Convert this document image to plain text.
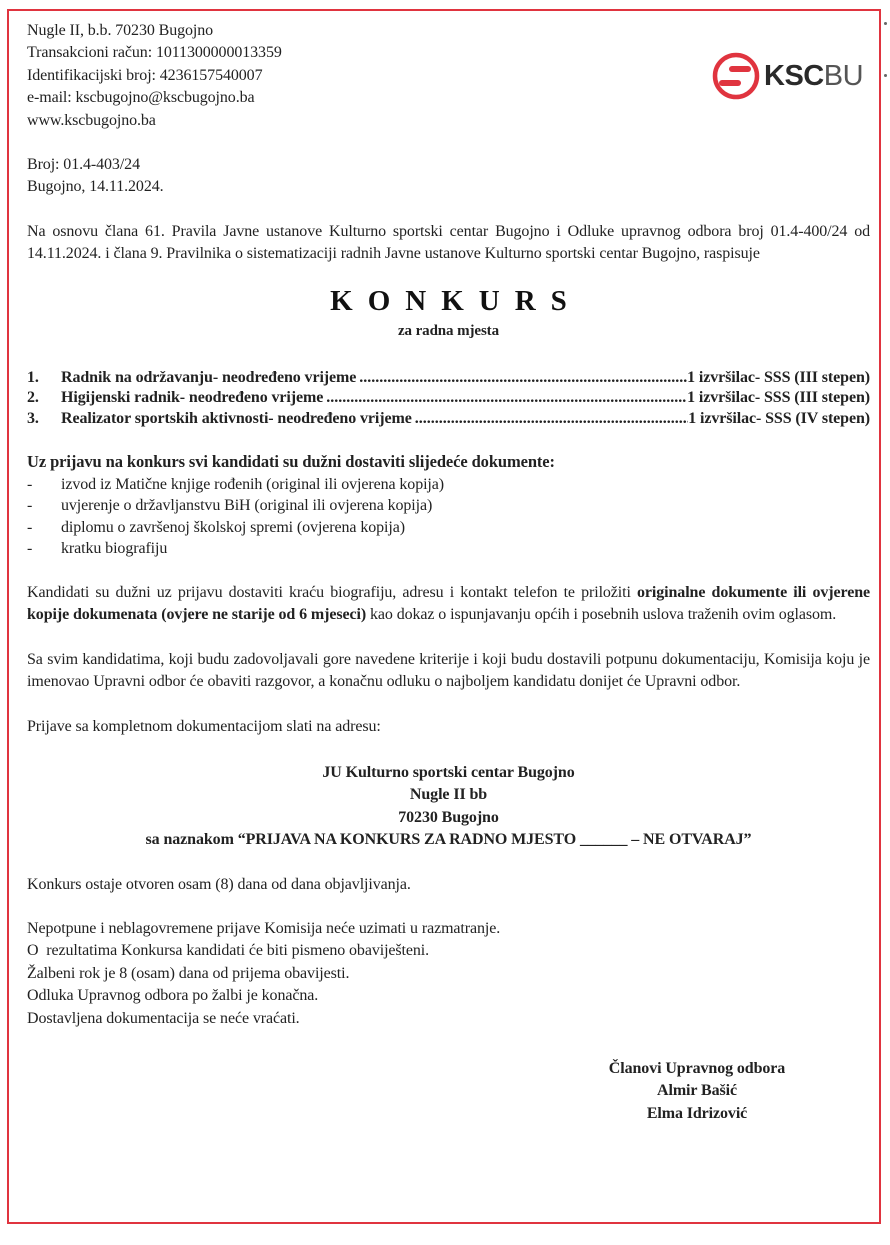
KSCBU

Nugle II, b.b. 70230 Bugojno

Transakcioni račun: 1011300000013359

Identifikacijski broj: 4236157540007

e-mail: kscbugojno@kscbugojno.ba

www.kscbugojno.ba

Broj: 01.4-403/24

Bugojno, 14.11.2024.

Na osnovu člana 61. Pravila Javne ustanove Kulturno sportski centar Bugojno i Odluke upravnog odbora broj 01.4-400/24 od 14.11.2024. i člana 9. Pravilnika o sistematizaciji radnih Javne ustanove Kulturno sportski centar Bugojno, raspisuje

KONKURS
za radna mjesta
1.	Radnik na održavanju- neodređeno vrijeme .....	1 izvršilac- SSS (III stepen)
2.	Higijenski radnik- neodređeno vrijeme .....	1 izvršilac- SSS (III stepen)
3.	Realizator sportskih aktivnosti- neodređeno vrijeme .....	1 izvršilac- SSS (IV stepen)

Uz prijavu na konkurs svi kandidati su dužni dostaviti slijedeće dokumente:

-	izvod iz Matične knjige rođenih (original ili ovjerena kopija)
-	uvjerenje o državljanstvu BiH (original ili ovjerena kopija)
-	diplomu o završenoj školskoj spremi (ovjerena kopija)
-	kratku biografiju

Kandidati su dužni uz prijavu dostaviti kraću biografiju, adresu i kontakt telefon te priložiti originalne dokumente ili ovjerene kopije dokumenata (ovjere ne starije od 6 mjeseci) kao dokaz o ispunjavanju općih i posebnih uslova traženih ovim oglasom.

Sa svim kandidatima, koji budu zadovoljavali gore navedene kriterije i koji budu dostavili potpunu dokumentaciju, Komisija koju je imenovao Upravni odbor će obaviti razgovor, a konačnu odluku o najboljem kandidatu donijet će Upravni odbor.

Prijave sa kompletnom dokumentacijom slati na adresu:

JU Kulturno sportski centar Bugojno

Nugle II bb

70230 Bugojno

sa naznakom “PRIJAVA NA KONKURS ZA RADNO MJESTO ______ – NE OTVARAJ”

Konkurs ostaje otvoren osam (8) dana od dana objavljivanja.

Nepotpune i neblagovremene prijave Komisija neće uzimati u razmatranje.

O  rezultatima Konkursa kandidati će biti pismeno obaviješteni.

Žalbeni rok je 8 (osam) dana od prijema obavijesti.

Odluka Upravnog odbora po žalbi je konačna.

Dostavljena dokumentacija se neće vraćati.

Članovi Upravnog odbora

Almir Bašić

Elma Idrizović
